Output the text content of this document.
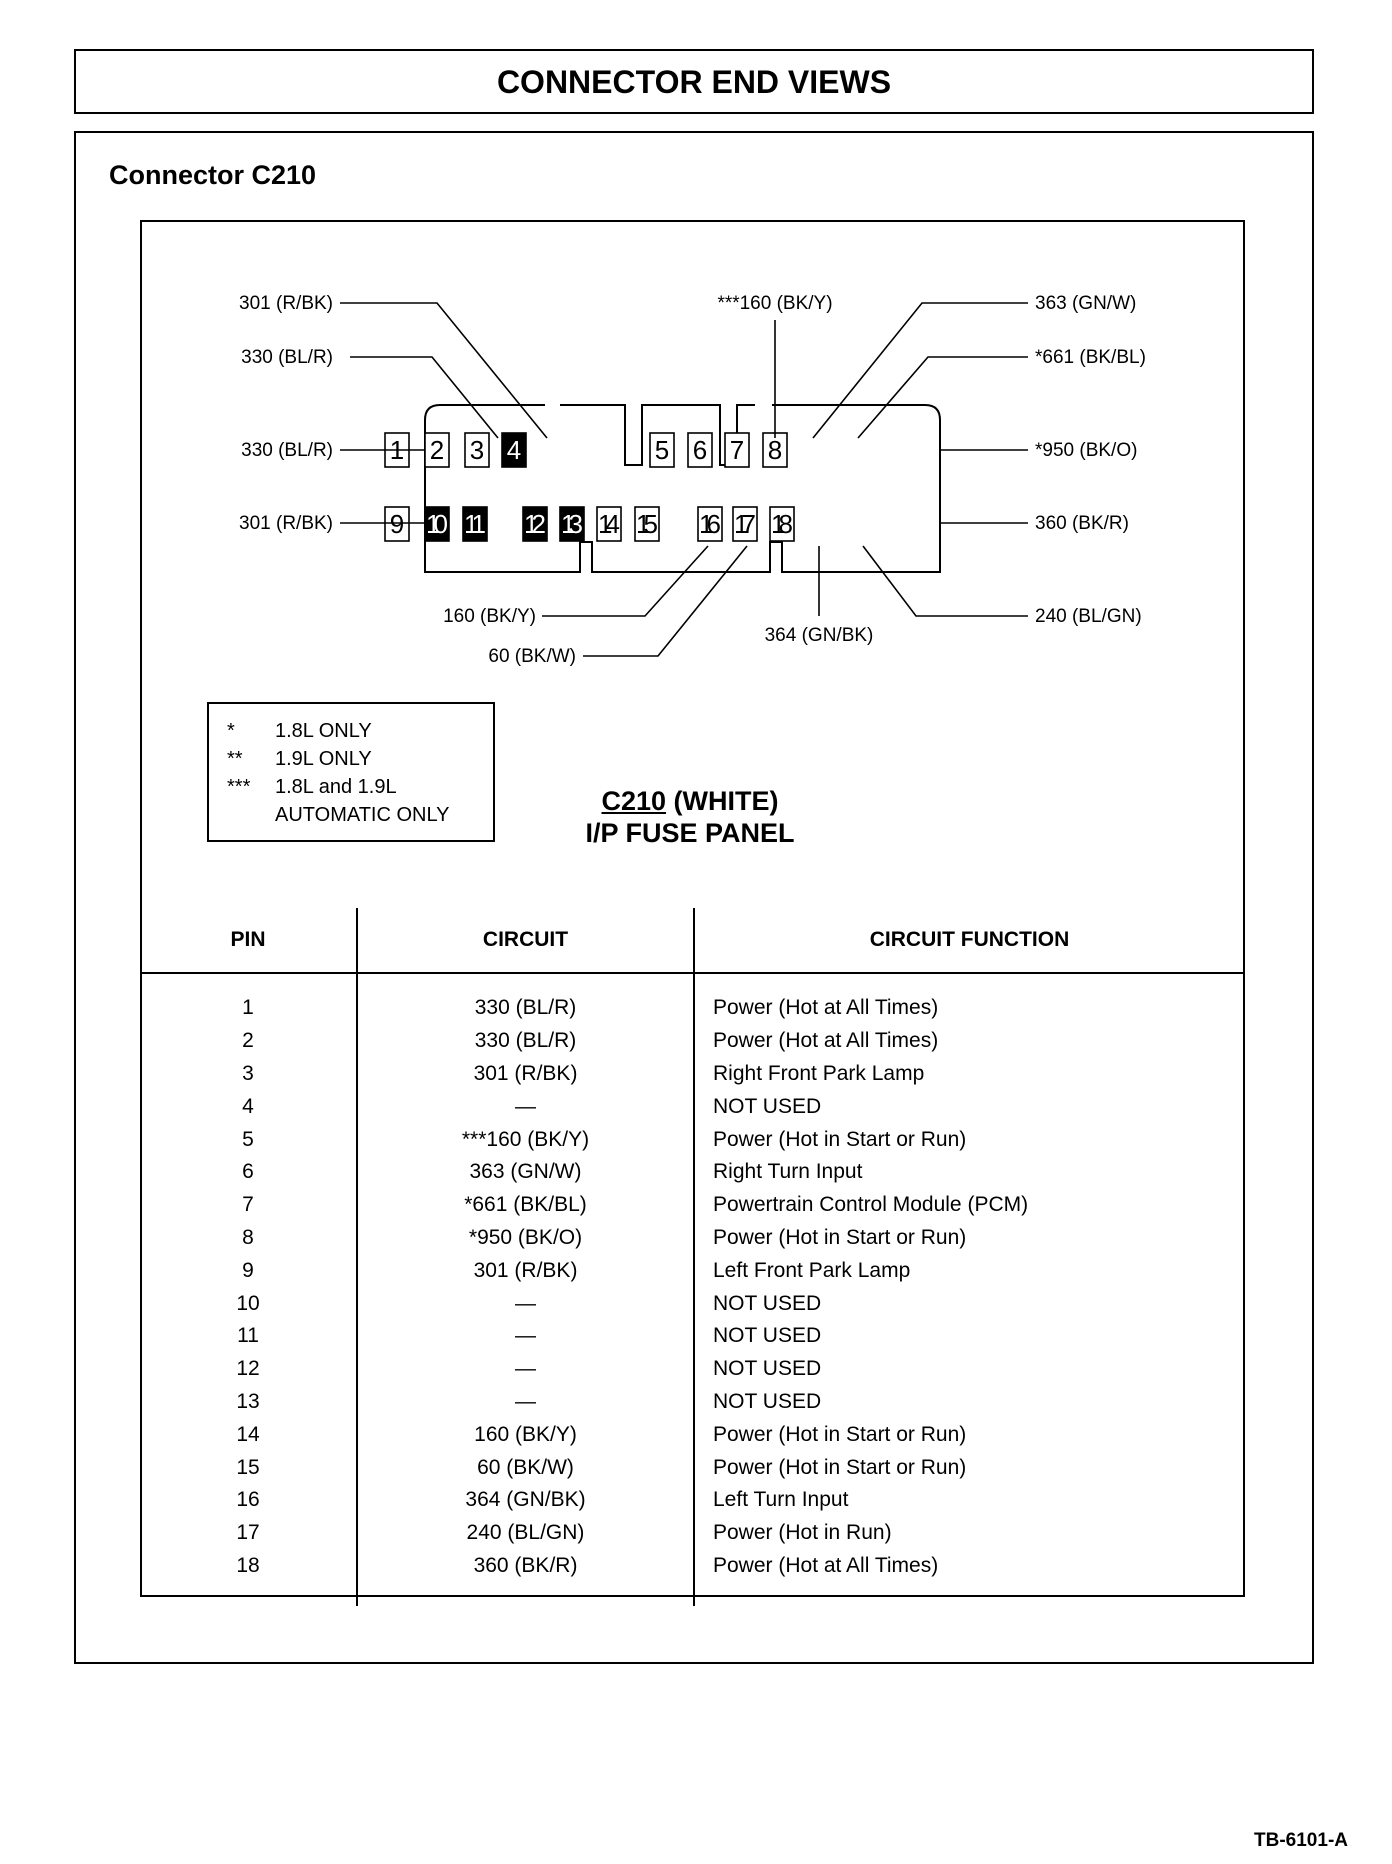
CONNECTOR END VIEWS
Connector C210
1 2 3 4	5 6 7 8
9 10 11 12 13 14 15 16 17 18
301 (R/BK)
330 (BL/R)
330 (BL/R)
301 (R/BK)
***160 (BK/Y)	363 (GN/W)
*661 (BK/BL)
*950 (BK/O)
360 (BK/R)
160 (BK/Y)
60 (BK/W)
364 (GN/BK)
240 (BL/GN)
*	1.8L ONLY
**	1.9L ONLY
***	1.8L and 1.9L
AUTOMATIC ONLY	C210 (WHITE)
I/P FUSE PANEL
PIN	CIRCUIT	CIRCUIT FUNCTION

1	330 (BL/R)	Power (Hot at All Times)
2	330 (BL/R)	Power (Hot at All Times)
3	301 (R/BK)	Right Front Park Lamp
4	—	NOT USED
5	***160 (BK/Y)	Power (Hot in Start or Run)
6	363 (GN/W)	Right Turn Input
7	*661 (BK/BL)	Powertrain Control Module (PCM)
8	*950 (BK/O)	Power (Hot in Start or Run)
9	301 (R/BK)	Left Front Park Lamp
10	—	NOT USED
11	—	NOT USED
12	—	NOT USED
13	—	NOT USED
14	160 (BK/Y)	Power (Hot in Start or Run)
15	60 (BK/W)	Power (Hot in Start or Run)
16	364 (GN/BK)	Left Turn Input
17	240 (BL/GN)	Power (Hot in Run)
18	360 (BK/R)	Power (Hot at All Times)

TB-6101-A
